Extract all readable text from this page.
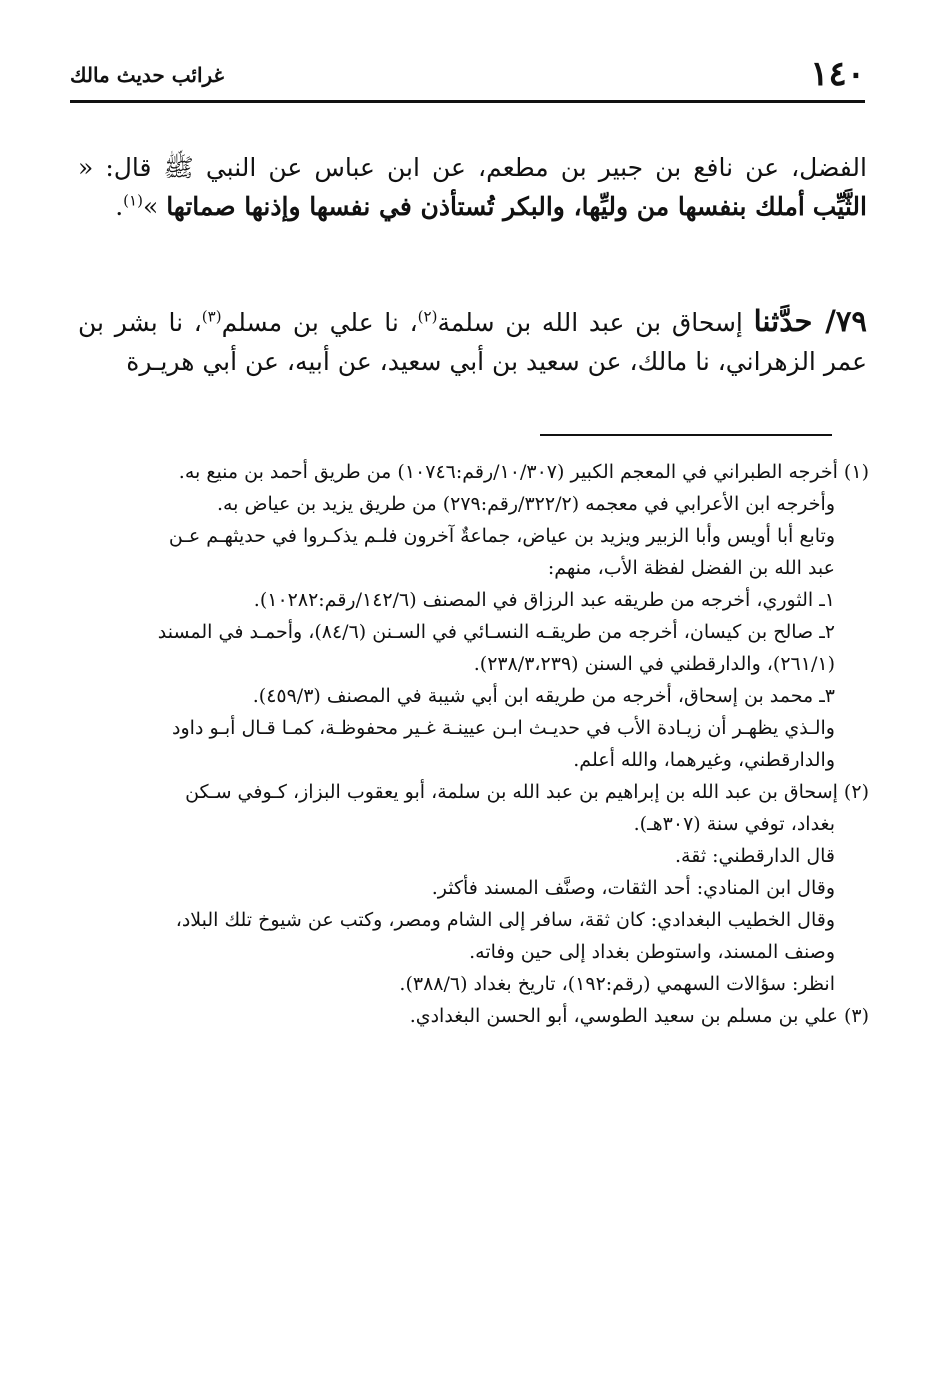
١٤٠
غرائب حديث مالك
الفضل، عن نافع بن جبير بن مطعم، عن ابن عباس عن النبي ﷺ قال: « الثَّيِّب أملك بنفسها من وليِّها، والبكر تُستأذن في نفسها وإذنها صماتها »$^{(١)}$.
٧٩/ حدَّثنا إسحاق بن عبد الله بن سلمة$^{(٢)}$، نا علي بن مسلم$^{(٣)}$، نا بشر بن عمر الزهراني، نا مالك، عن سعيد بن أبي سعيد، عن أبيه، عن أبي هريـرة
(١) أخرجه الطبراني في المعجم الكبير (١٠/٣٠٧/رقم:١٠٧٤٦) من طريق أحمد بن منيع به.
وأخرجه ابن الأعرابي في معجمه (٣٢٢/٢/رقم:٢٧٩) من طريق يزيد بن عياض به.
وتابع أبا أويس وأبا الزبير ويزيد بن عياض، جماعةٌ آخرون فلـم يذكـروا في حديثهـم عـن
عبد الله بن الفضل لفظة الأب، منهم:
١ـ الثوري، أخرجه من طريقه عبد الرزاق في المصنف (١٤٢/٦/رقم:١٠٢٨٢).
٢ـ صالح بن كيسان، أخرجه من طريقـه النسـائي في السـنن (٨٤/٦)، وأحمـد في المسند
(٢٦١/١)، والدارقطني في السنن (٢٣٨/٣،٢٣٩).
٣ـ محمد بن إسحاق، أخرجه من طريقه ابن أبي شيبة في المصنف (٤٥٩/٣).
والـذي يظهـر أن زيـادة الأب في حديـث ابـن عيينـة غـير محفوظـة، كمـا قـال أبـو داود
والدارقطني، وغيرهما، والله أعلم.
(٢) إسحاق بن عبد الله بن إبراهيم بن عبد الله بن سلمة، أبو يعقوب البزاز، كـوفي سـكن
بغداد، توفي سنة (٣٠٧هـ).
قال الدارقطني: ثقة.
وقال ابن المنادي: أحد الثقات، وصنَّف المسند فأكثر.
وقال الخطيب البغدادي: كان ثقة، سافر إلى الشام ومصر، وكتب عن شيوخ تلك البلاد،
وصنف المسند، واستوطن بغداد إلى حين وفاته.
انظر: سؤالات السهمي (رقم:١٩٢)، تاريخ بغداد (٣٨٨/٦).
(٣) علي بن مسلم بن سعيد الطوسي، أبو الحسن البغدادي.
